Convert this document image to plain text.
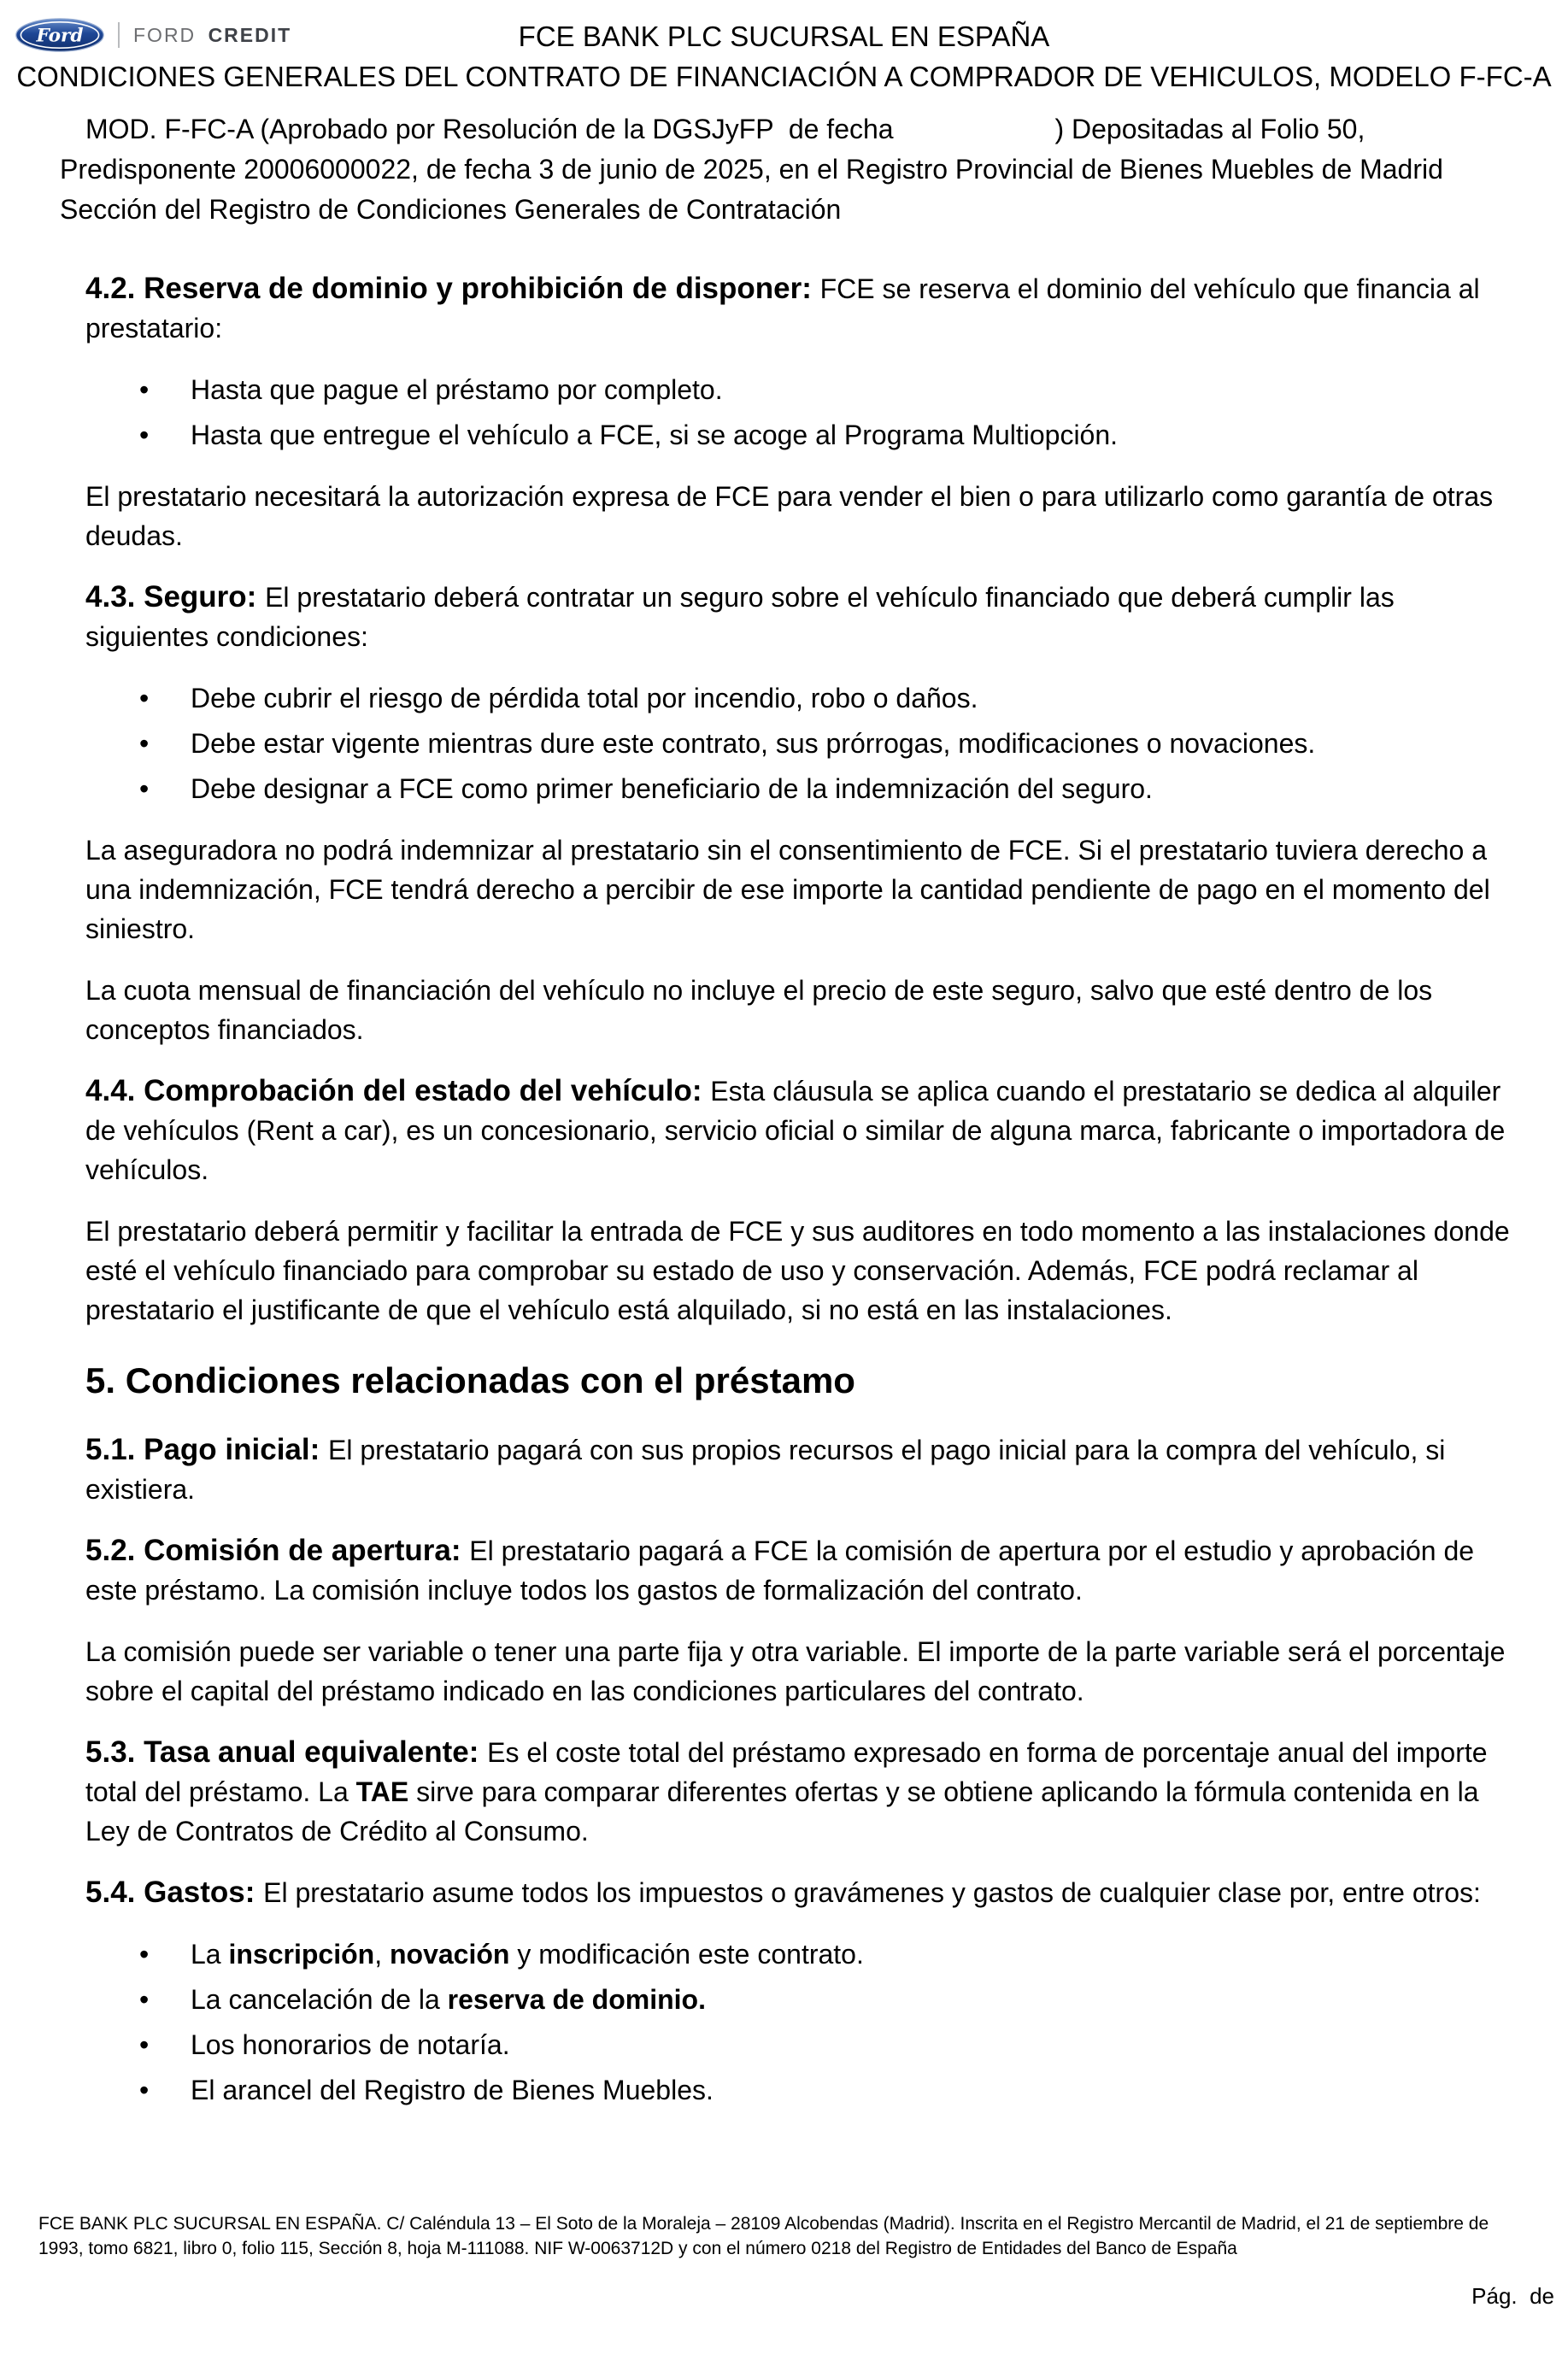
Ford	FORD CREDIT	FCE BANK PLC SUCURSAL EN ESPAÑA
CONDICIONES GENERALES DEL CONTRATO DE FINANCIACIÓN A COMPRADOR DE VEHICULOS, MODELO F-FC-A

MOD. F-FC-A (Aprobado por Resolución de la DGSJyFP  de fecha	) Depositadas al Folio 50, Predisponente 20006000022, de fecha 3 de junio de 2025, en el Registro Provincial de Bienes Muebles de Madrid Sección del Registro de Condiciones Generales de Contratación

4.2. Reserva de dominio y prohibición de disponer: FCE se reserva el dominio del vehículo que financia al prestatario:

• Hasta que pague el préstamo por completo.
• Hasta que entregue el vehículo a FCE, si se acoge al Programa Multiopción.

El prestatario necesitará la autorización expresa de FCE para vender el bien o para utilizarlo como garantía de otras deudas.

4.3. Seguro: El prestatario deberá contratar un seguro sobre el vehículo financiado que deberá cumplir las siguientes condiciones:

• Debe cubrir el riesgo de pérdida total por incendio, robo o daños.
• Debe estar vigente mientras dure este contrato, sus prórrogas, modificaciones o novaciones.
• Debe designar a FCE como primer beneficiario de la indemnización del seguro.

La aseguradora no podrá indemnizar al prestatario sin el consentimiento de FCE. Si el prestatario tuviera derecho a una indemnización, FCE tendrá derecho a percibir de ese importe la cantidad pendiente de pago en el momento del siniestro.

La cuota mensual de financiación del vehículo no incluye el precio de este seguro, salvo que esté dentro de los conceptos financiados.

4.4. Comprobación del estado del vehículo: Esta cláusula se aplica cuando el prestatario se dedica al alquiler de vehículos (Rent a car), es un concesionario, servicio oficial o similar de alguna marca, fabricante o importadora de vehículos.

El prestatario deberá permitir y facilitar la entrada de FCE y sus auditores en todo momento a las instalaciones donde esté el vehículo financiado para comprobar su estado de uso y conservación. Además, FCE podrá reclamar al prestatario el justificante de que el vehículo está alquilado, si no está en las instalaciones.

5. Condiciones relacionadas con el préstamo

5.1. Pago inicial: El prestatario pagará con sus propios recursos el pago inicial para la compra del vehículo, si existiera.

5.2. Comisión de apertura: El prestatario pagará a FCE la comisión de apertura por el estudio y aprobación de este préstamo. La comisión incluye todos los gastos de formalización del contrato.

La comisión puede ser variable o tener una parte fija y otra variable. El importe de la parte variable será el porcentaje sobre el capital del préstamo indicado en las condiciones particulares del contrato.

5.3. Tasa anual equivalente: Es el coste total del préstamo expresado en forma de porcentaje anual del importe total del préstamo. La TAE sirve para comparar diferentes ofertas y se obtiene aplicando la fórmula contenida en la Ley de Contratos de Crédito al Consumo.

5.4. Gastos: El prestatario asume todos los impuestos o gravámenes y gastos de cualquier clase por, entre otros:

• La inscripción, novación y modificación este contrato.
• La cancelación de la reserva de dominio.
• Los honorarios de notaría.
• El arancel del Registro de Bienes Muebles.
FCE BANK PLC SUCURSAL EN ESPAÑA. C/ Caléndula 13 – El Soto de la Moraleja – 28109 Alcobendas (Madrid). Inscrita en el Registro Mercantil de Madrid, el 21 de septiembre de 1993, tomo 6821, libro 0, folio 115, Sección 8, hoja M-111088. NIF W-0063712D y con el número 0218 del Registro de Entidades del Banco de España
Pág.  de
